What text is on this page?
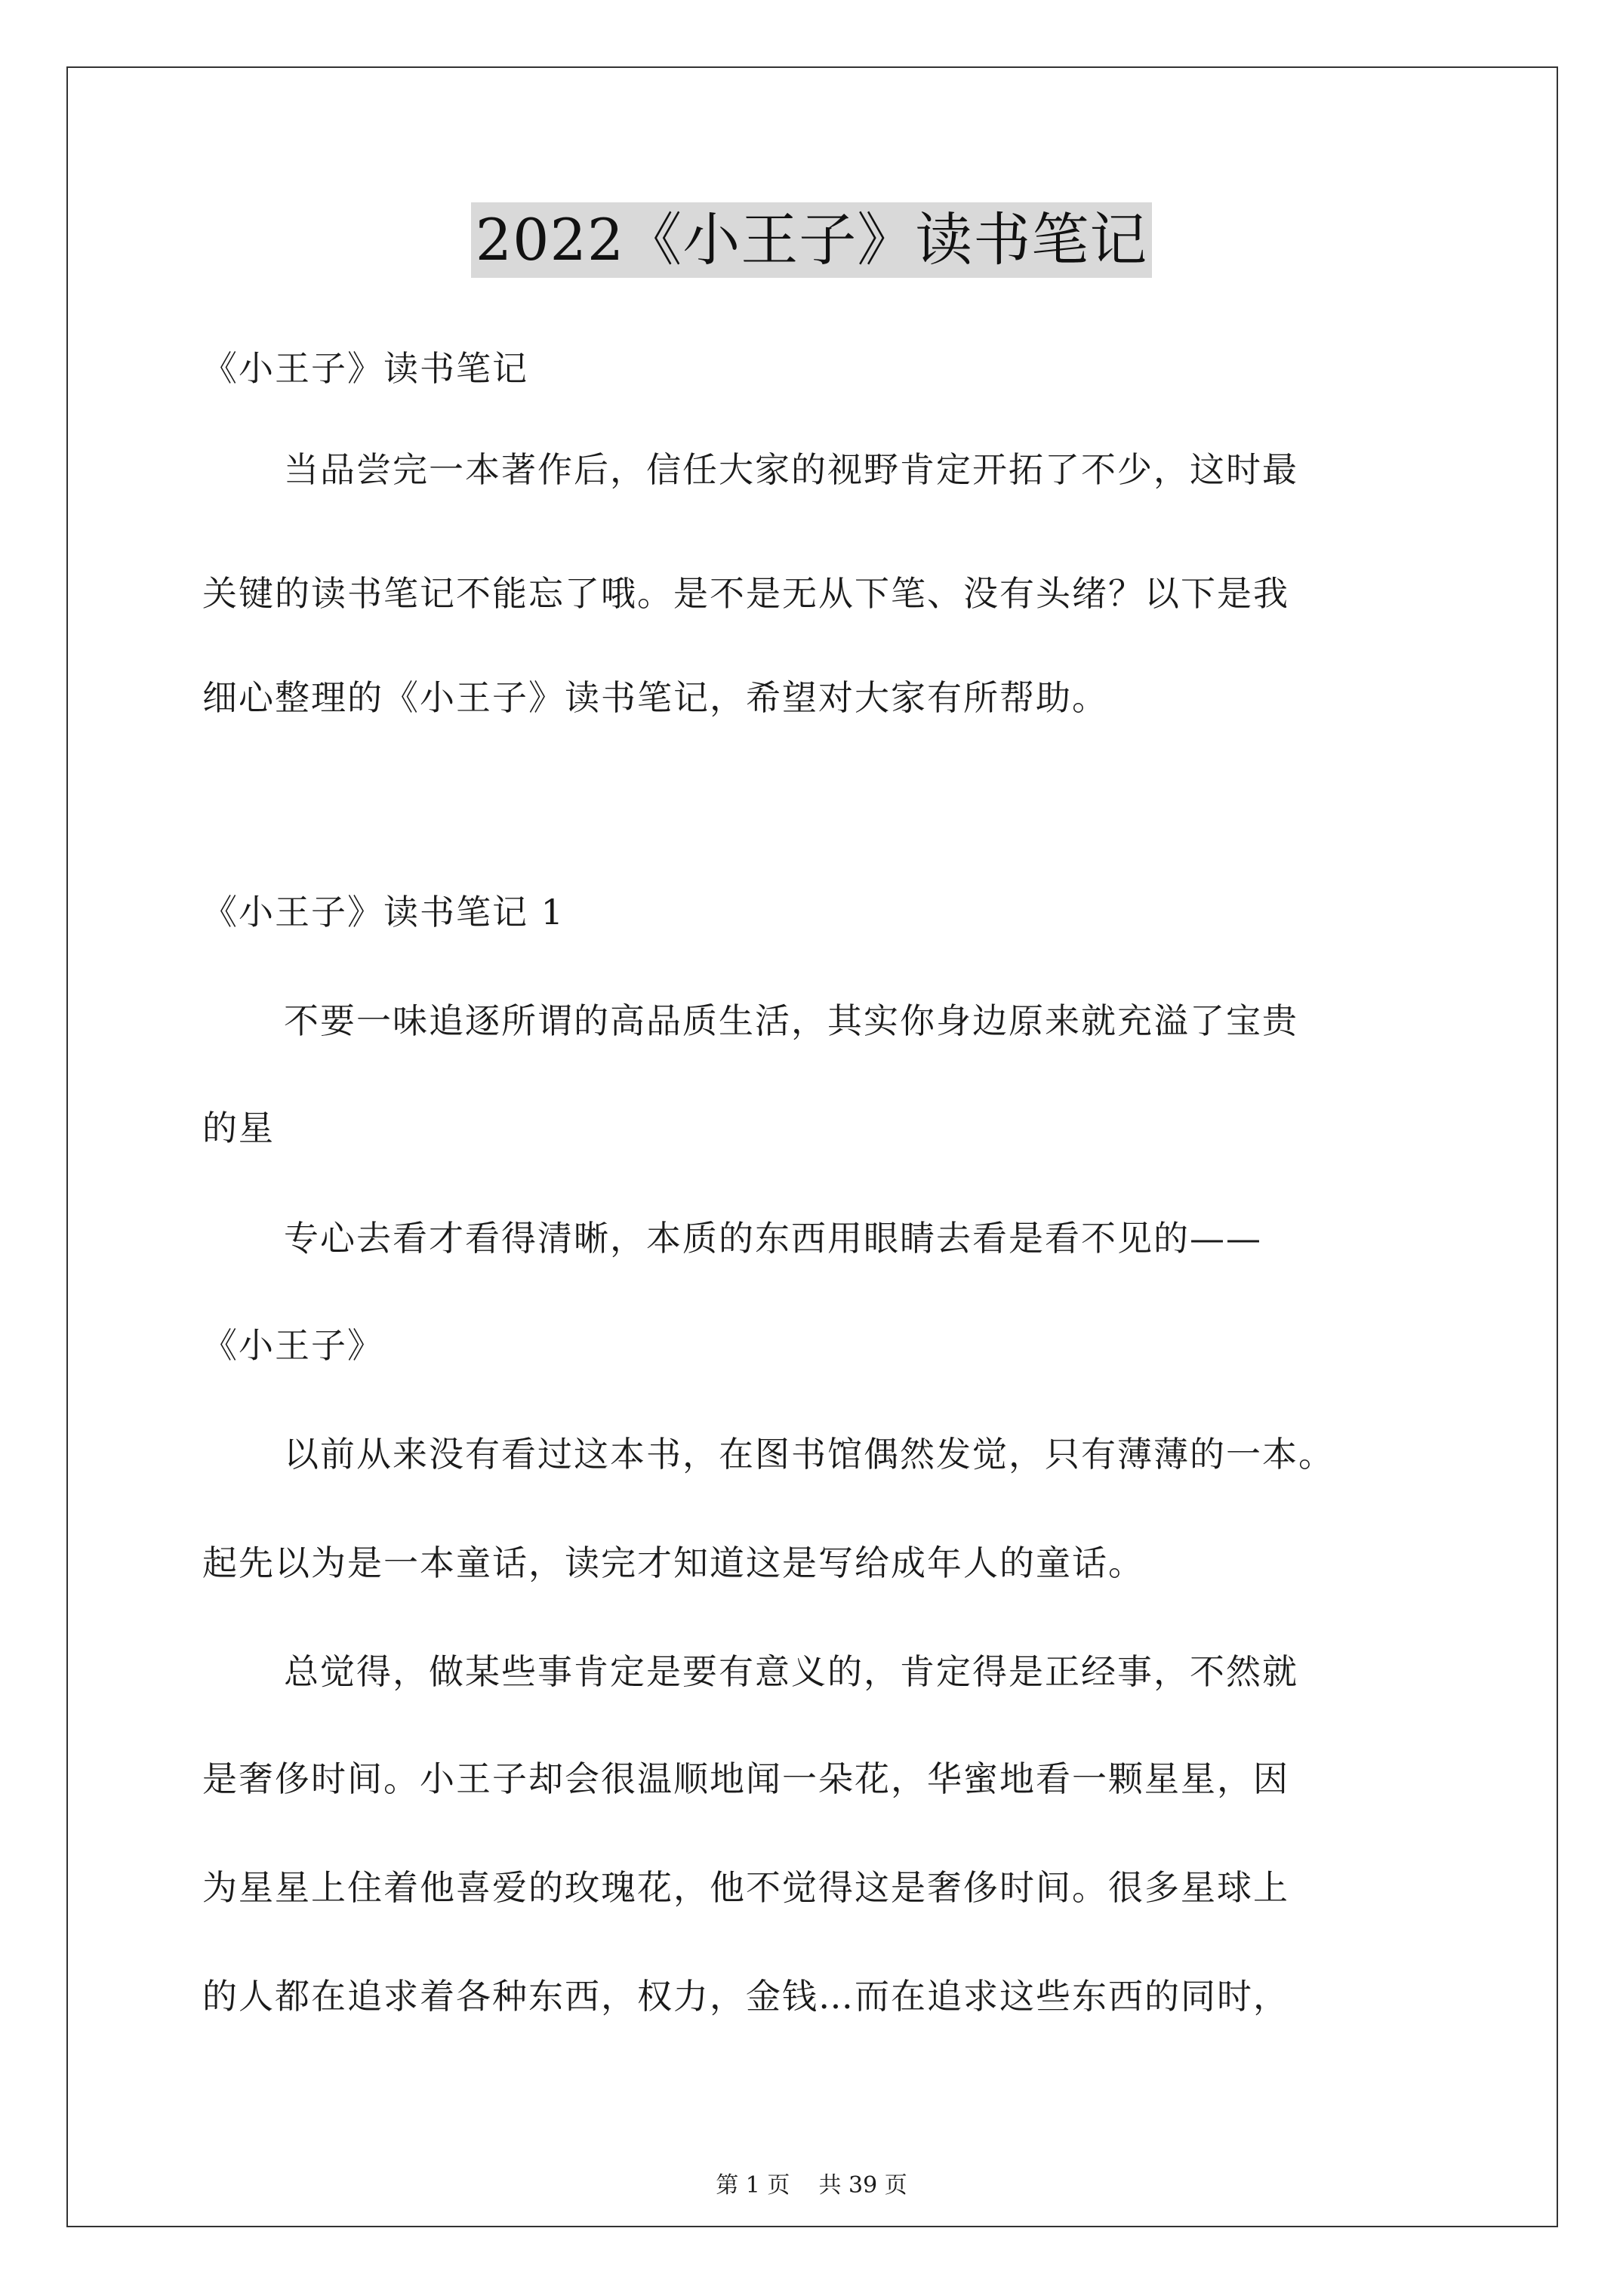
2022《小王子》读书笔记
《小王子》读书笔记
当品尝完一本著作后，信任大家的视野肯定开拓了不少，这时最
关键的读书笔记不能忘了哦。是不是无从下笔、没有头绪？以下是我
细心整理的《小王子》读书笔记，希望对大家有所帮助。
《小王子》读书笔记 1
不要一味追逐所谓的高品质生活，其实你身边原来就充溢了宝贵
的星
专心去看才看得清晰，本质的东西用眼睛去看是看不见的——
《小王子》
以前从来没有看过这本书，在图书馆偶然发觉，只有薄薄的一本。
起先以为是一本童话，读完才知道这是写给成年人的童话。
总觉得，做某些事肯定是要有意义的，肯定得是正经事，不然就
是奢侈时间。小王子却会很温顺地闻一朵花，华蜜地看一颗星星，因
为星星上住着他喜爱的玫瑰花，他不觉得这是奢侈时间。很多星球上
的人都在追求着各种东西，权力，金钱…而在追求这些东西的同时，
第 1 页    共 39 页
